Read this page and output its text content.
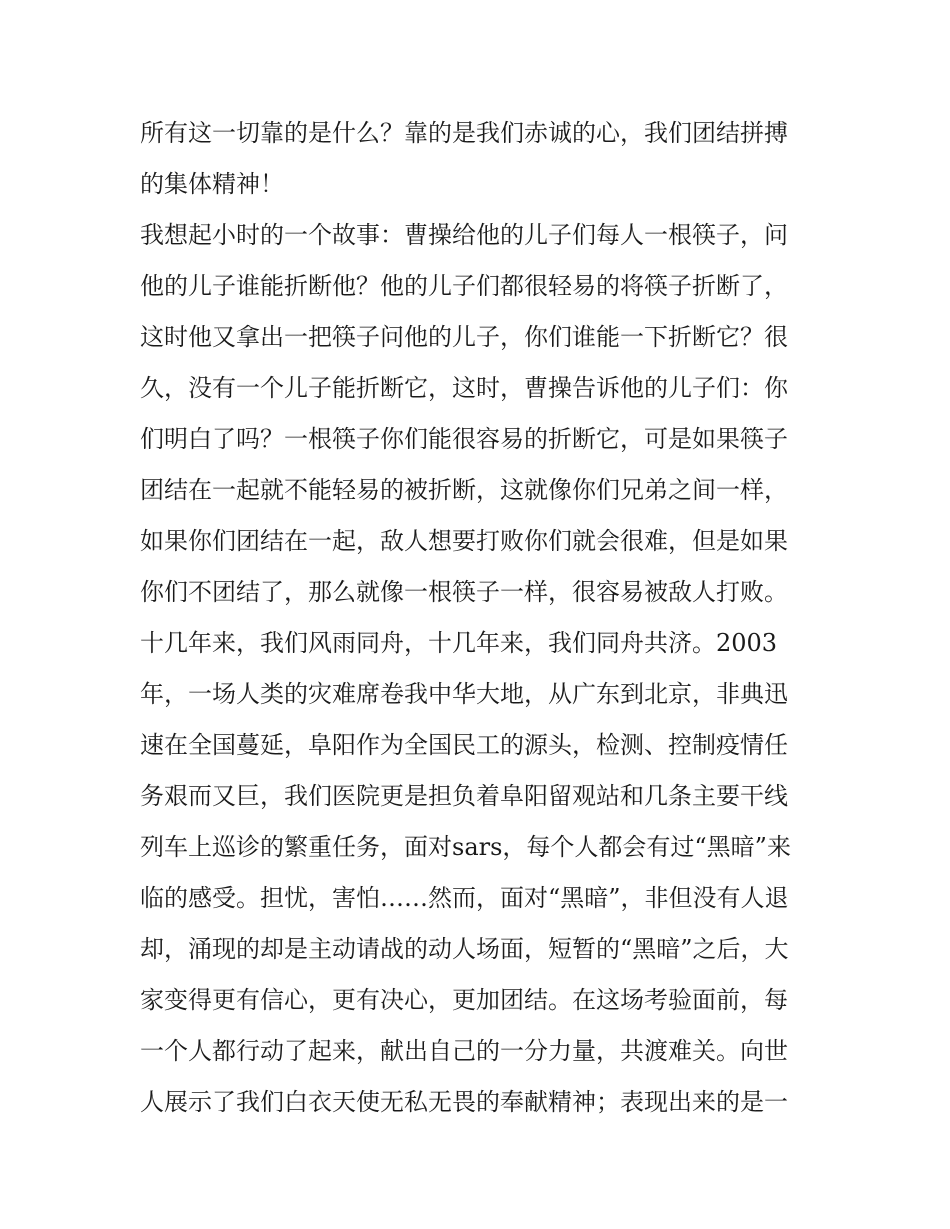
所有这一切靠的是什么？靠的是我们赤诚的心，我们团结拼搏
的集体精神！
我想起小时的一个故事：曹操给他的儿子们每人一根筷子，问
他的儿子谁能折断他？他的儿子们都很轻易的将筷子折断了，
这时他又拿出一把筷子问他的儿子，你们谁能一下折断它？很
久，没有一个儿子能折断它，这时，曹操告诉他的儿子们：你
们明白了吗？一根筷子你们能很容易的折断它，可是如果筷子
团结在一起就不能轻易的被折断，这就像你们兄弟之间一样，
如果你们团结在一起，敌人想要打败你们就会很难，但是如果
你们不团结了，那么就像一根筷子一样，很容易被敌人打败。
十几年来，我们风雨同舟，十几年来，我们同舟共济。2003
年，一场人类的灾难席卷我中华大地，从广东到北京，非典迅
速在全国蔓延，阜阳作为全国民工的源头，检测、控制疫情任
务艰而又巨，我们医院更是担负着阜阳留观站和几条主要干线
列车上巡诊的繁重任务，面对sars，每个人都会有过“黑暗”来
临的感受。担忧，害怕……然而，面对“黑暗”，非但没有人退
却，涌现的却是主动请战的动人场面，短暂的“黑暗”之后，大
家变得更有信心，更有决心，更加团结。在这场考验面前，每
一个人都行动了起来，献出自己的一分力量，共渡难关。向世
人展示了我们白衣天使无私无畏的奉献精神；表现出来的是一
